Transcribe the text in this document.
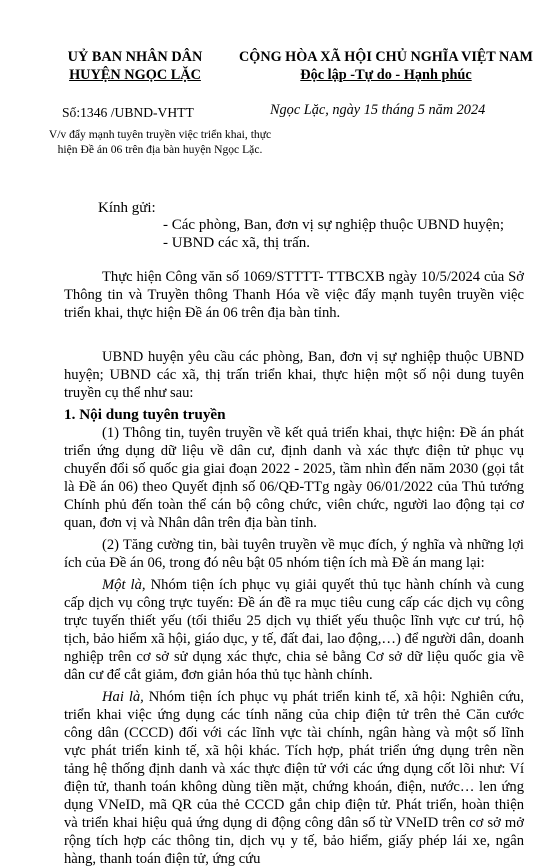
UỶ BAN NHÂN DÂN
HUYỆN NGỌC LẶC
CỘNG HÒA XÃ HỘI CHỦ NGHĨA VIỆT NAM
Độc lập -Tự do - Hạnh phúc
Số:1346 /UBND-VHTT	Ngọc Lặc, ngày 15 tháng 5 năm 2024
V/v đẩy mạnh tuyên truyền việc triển khai, thực hiện Đề án 06 trên địa bàn huyện Ngọc Lặc.
Kính gửi:
- Các phòng, Ban, đơn vị sự nghiệp thuộc UBND huyện;
- UBND các xã, thị trấn.

Thực hiện Công văn số 1069/STTTT- TTBCXB ngày 10/5/2024 của Sở Thông tin và Truyền thông Thanh Hóa về việc đẩy mạnh tuyên truyền việc triển khai, thực hiện Đề án 06 trên địa bàn tỉnh.

UBND huyện yêu cầu các phòng, Ban, đơn vị sự nghiệp thuộc UBND huyện; UBND các xã, thị trấn triển khai, thực hiện một số nội dung tuyên truyền cụ thể như sau:

1. Nội dung tuyên truyền

(1) Thông tin, tuyên truyền về kết quả triển khai, thực hiện: Đề án phát triển ứng dụng dữ liệu về dân cư, định danh và xác thực điện tử phục vụ chuyển đổi số quốc gia giai đoạn 2022 - 2025, tầm nhìn đến năm 2030 (gọi tắt là Đề án 06) theo Quyết định số 06/QĐ-TTg ngày 06/01/2022 của Thủ tướng Chính phủ đến toàn thể cán bộ công chức, viên chức, người lao động tại cơ quan, đơn vị và Nhân dân trên địa bàn tỉnh.

(2) Tăng cường tin, bài tuyên truyền về mục đích, ý nghĩa và những lợi ích của Đề án 06, trong đó nêu bật 05 nhóm tiện ích mà Đề án mang lại:

Một là, Nhóm tiện ích phục vụ giải quyết thủ tục hành chính và cung cấp dịch vụ công trực tuyến: Đề án đề ra mục tiêu cung cấp các dịch vụ công trực tuyến thiết yếu (tối thiểu 25 dịch vụ thiết yếu thuộc lĩnh vực cư trú, hộ tịch, bảo hiểm xã hội, giáo dục, y tế, đất đai, lao động,…) để người dân, doanh nghiệp trên cơ sở sử dụng xác thực, chia sẻ bằng Cơ sở dữ liệu quốc gia về dân cư để cắt giảm, đơn giản hóa thủ tục hành chính.

Hai là, Nhóm tiện ích phục vụ phát triển kinh tế, xã hội: Nghiên cứu, triển khai việc ứng dụng các tính năng của chip điện tử trên thẻ Căn cước công dân (CCCD) đối với các lĩnh vực tài chính, ngân hàng và một số lĩnh vực phát triển kinh tế, xã hội khác. Tích hợp, phát triển ứng dụng trên nền tảng hệ thống định danh và xác thực điện tử với các ứng dụng cốt lõi như: Ví điện tử, thanh toán không dùng tiền mặt, chứng khoán, điện, nước… len ứng dụng VNeID, mã QR của thẻ CCCD gắn chip điện tử. Phát triển, hoàn thiện và triển khai hiệu quả ứng dụng di động công dân số từ VNeID trên cơ sở mở rộng tích hợp các thông tin, dịch vụ y tế, bảo hiểm, giấy phép lái xe, ngân hàng, thanh toán điện tử, ứng cứu
